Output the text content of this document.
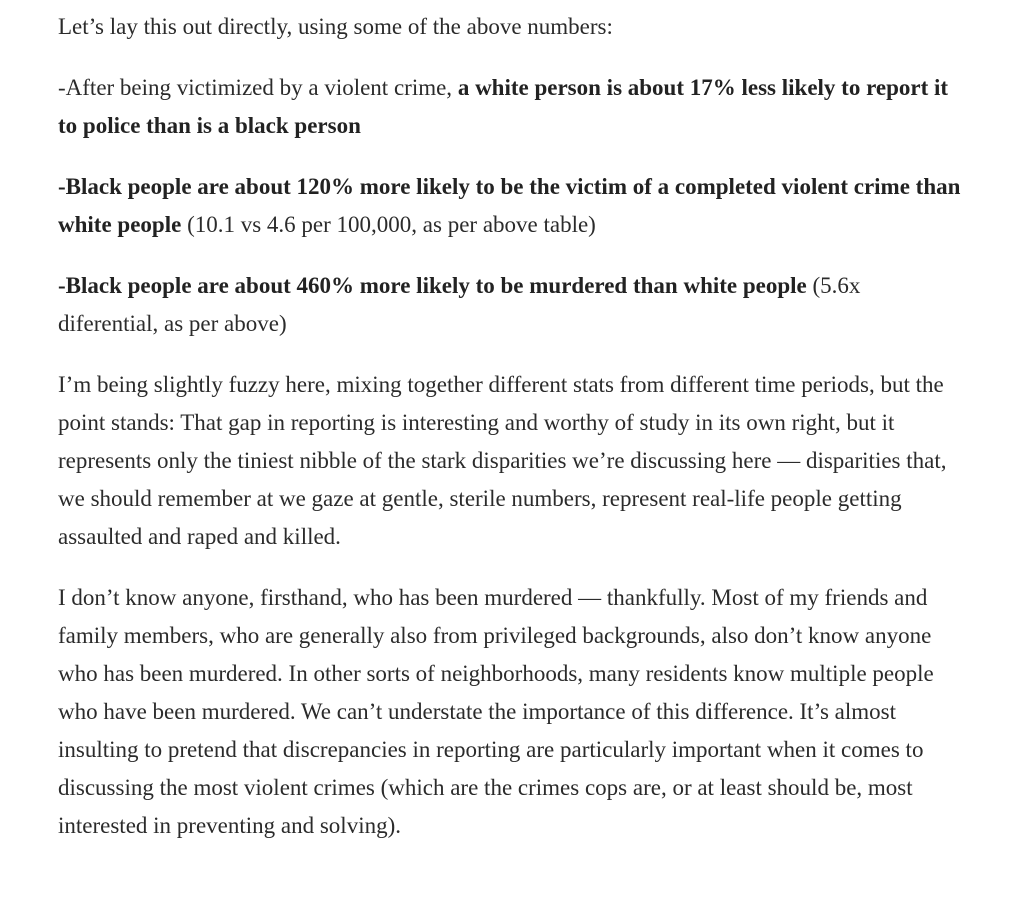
Let’s lay this out directly, using some of the above numbers:

-After being victimized by a violent crime, a white person is about 17% less likely to report it to police than is a black person

-Black people are about 120% more likely to be the victim of a completed violent crime than white people (10.1 vs 4.6 per 100,000, as per above table)

-Black people are about 460% more likely to be murdered than white people (5.6x diferential, as per above)

I’m being slightly fuzzy here, mixing together different stats from different time periods, but the point stands: That gap in reporting is interesting and worthy of study in its own right, but it represents only the tiniest nibble of the stark disparities we’re discussing here — disparities that, we should remember at we gaze at gentle, sterile numbers, represent real-life people getting assaulted and raped and killed.

I don’t know anyone, firsthand, who has been murdered — thankfully. Most of my friends and family members, who are generally also from privileged backgrounds, also don’t know anyone who has been murdered. In other sorts of neighborhoods, many residents know multiple people who have been murdered. We can’t understate the importance of this difference. It’s almost insulting to pretend that discrepancies in reporting are particularly important when it comes to discussing the most violent crimes (which are the crimes cops are, or at least should be, most interested in preventing and solving).
